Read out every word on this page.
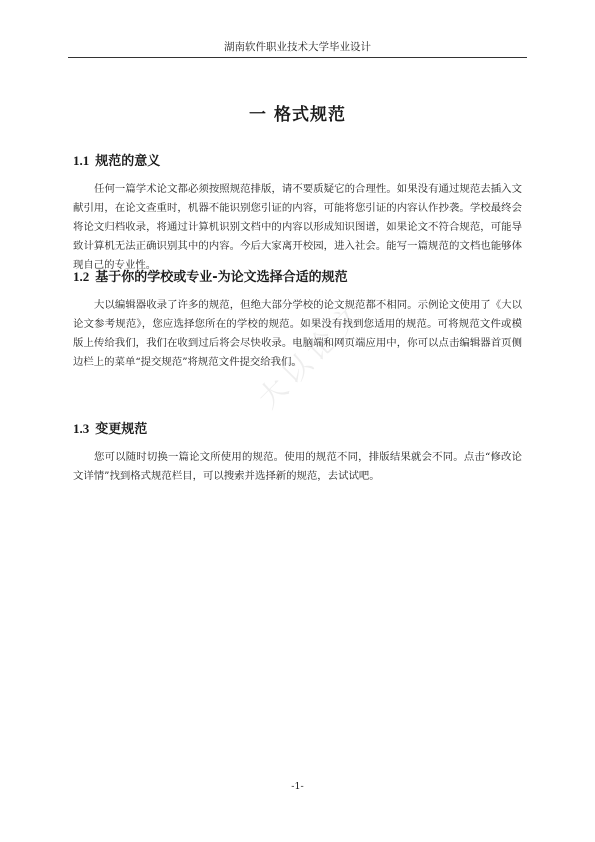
湖南软件职业技术大学毕业设计
大以论文
一 格式规范
1.1 规范的意义

任何一篇学术论文都必须按照规范排版，请不要质疑它的合理性。如果没有通过规范去插入文献引用，在论文查重时，机器不能识别您引证的内容，可能将您引证的内容认作抄袭。学校最终会将论文归档收录，将通过计算机识别文档中的内容以形成知识图谱，如果论文不符合规范，可能导致计算机无法正确识别其中的内容。今后大家离开校园，进入社会。能写一篇规范的文档也能够体现自己的专业性。

1.2 基于你的学校或专业-为论文选择合适的规范

大以编辑器收录了许多的规范，但绝大部分学校的论文规范都不相同。示例论文使用了《大以论文参考规范》，您应选择您所在的学校的规范。如果没有找到您适用的规范。可将规范文件或模版上传给我们，我们在收到过后将会尽快收录。电脑端和网页端应用中，你可以点击编辑器首页侧边栏上的菜单“提交规范”将规范文件提交给我们。

1.3 变更规范

您可以随时切换一篇论文所使用的规范。使用的规范不同，排版结果就会不同。点击“修改论文详情”找到格式规范栏目，可以搜索并选择新的规范，去试试吧。

-1-
